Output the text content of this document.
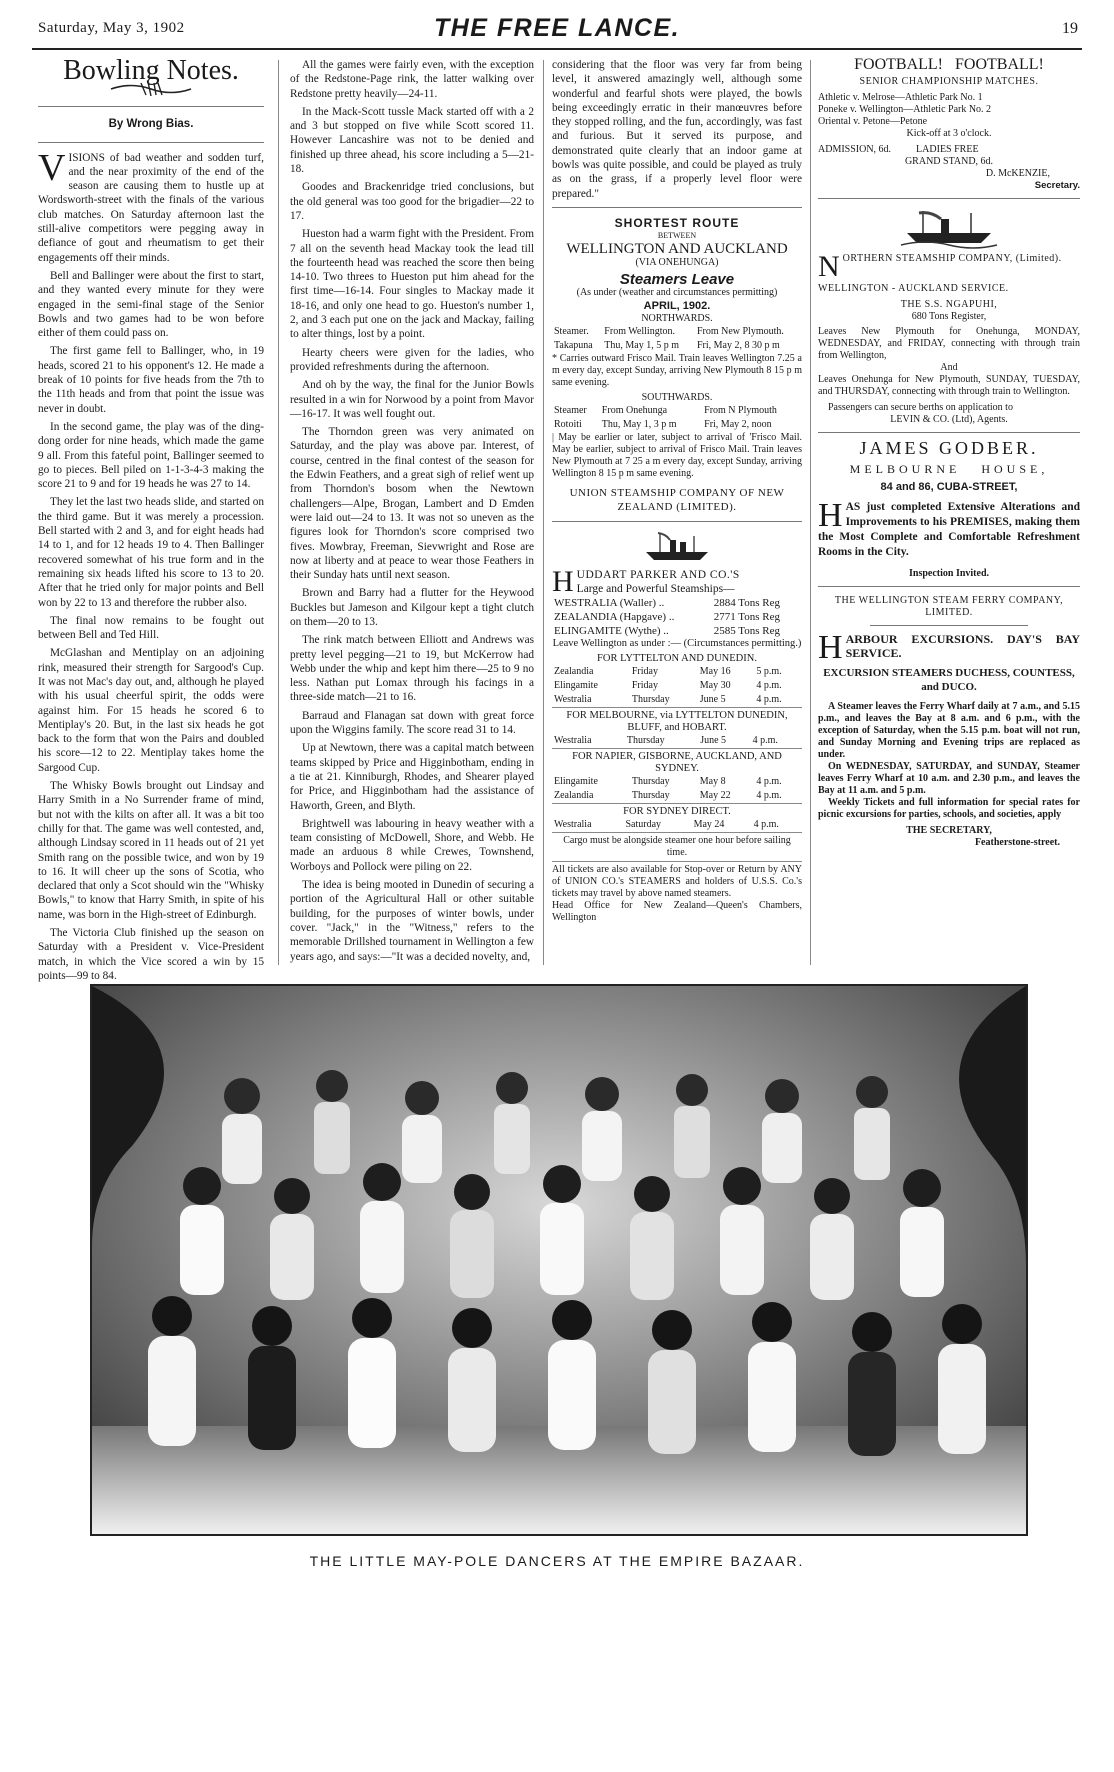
Saturday, May 3, 1902	THE FREE LANCE.	19
Bowling Notes.
By Wrong Bias.

VISIONS of bad weather and sodden turf, and the near proximity of the end of the season are causing them to hustle up at Wordsworth-street with the finals of the various club matches. On Saturday afternoon last the still-alive competitors were pegging away in defiance of gout and rheumatism to get their engagements off their minds.

Bell and Ballinger were about the first to start, and they wanted every minute for they were engaged in the semi-final stage of the Senior Bowls and two games had to be won before either of them could pass on.

The first game fell to Ballinger, who, in 19 heads, scored 21 to his opponent's 12. He made a break of 10 points for five heads from the 7th to the 11th heads and from that point the issue was never in doubt.

In the second game, the play was of the ding-dong order for nine heads, which made the game 9 all. From this fateful point, Ballinger seemed to go to pieces. Bell piled on 1-1-3-4-3 making the score 21 to 9 and for 19 heads he was 27 to 14.

They let the last two heads slide, and started on the third game. But it was merely a procession. Bell started with 2 and 3, and for eight heads had 14 to 1, and for 12 heads 19 to 4. Then Ballinger recovered somewhat of his true form and in the remaining six heads lifted his score to 13 to 20. After that he tried only for major points and Bell won by 22 to 13 and therefore the rubber also.

The final now remains to be fought out between Bell and Ted Hill.

McGlashan and Mentiplay on an adjoining rink, measured their strength for Sargood's Cup. It was not Mac's day out, and, although he played with his usual cheerful spirit, the odds were against him. For 15 heads he scored 6 to Mentiplay's 20. But, in the last six heads he got back to the form that won the Pairs and doubled his score—12 to 22. Mentiplay takes home the Sargood Cup.

The Whisky Bowls brought out Lindsay and Harry Smith in a No Surrender frame of mind, but not with the kilts on after all. It was a bit too chilly for that. The game was well contested, and, although Lindsay scored in 11 heads out of 21 yet Smith rang on the possible twice, and won by 19 to 16. It will cheer up the sons of Scotia, who declared that only a Scot should win the "Whisky Bowls," to know that Harry Smith, in spite of his name, was born in the High-street of Edinburgh.

The Victoria Club finished up the season on Saturday with a President v. Vice-President match, in which the Vice scored a win by 15 points—99 to 84.

All the games were fairly even, with the exception of the Redstone-Page rink, the latter walking over Redstone pretty heavily—24-11.

In the Mack-Scott tussle Mack started off with a 2 and 3 but stopped on five while Scott scored 11. However Lancashire was not to be denied and finished up three ahead, his score including a 5—21-18.

Goodes and Brackenridge tried conclusions, but the old general was too good for the brigadier—22 to 17.

Hueston had a warm fight with the President. From 7 all on the seventh head Mackay took the lead till the fourteenth head was reached the score then being 14-10. Two threes to Hueston put him ahead for the first time—16-14. Four singles to Mackay made it 18-16, and only one head to go. Hueston's number 1, 2, and 3 each put one on the jack and Mackay, failing to alter things, lost by a point.

Hearty cheers were given for the ladies, who provided refreshments during the afternoon.

And oh by the way, the final for the Junior Bowls resulted in a win for Norwood by a point from Mavor—16-17. It was well fought out.

The Thorndon green was very animated on Saturday, and the play was above par. Interest, of course, centred in the final contest of the season for the Edwin Feathers, and a great sigh of relief went up from Thorndon's bosom when the Newtown challengers—Alpe, Brogan, Lambert and D Emden were laid out—24 to 13. It was not so uneven as the figures look for Thorndon's score comprised two fives. Mowbray, Freeman, Sievwright and Rose are now at liberty and at peace to wear those Feathers in their Sunday hats until next season.

Brown and Barry had a flutter for the Heywood Buckles but Jameson and Kilgour kept a tight clutch on them—20 to 13.

The rink match between Elliott and Andrews was pretty level pegging—21 to 19, but McKerrow had Webb under the whip and kept him there—25 to 9 no less. Nathan put Lomax through his facings in a three-side match—21 to 16.

Barraud and Flanagan sat down with great force upon the Wiggins family. The score read 31 to 14.

Up at Newtown, there was a capital match between teams skipped by Price and Higginbotham, ending in a tie at 21. Kinniburgh, Rhodes, and Shearer played for Price, and Higginbotham had the assistance of Haworth, Green, and Blyth.

Brightwell was labouring in heavy weather with a team consisting of McDowell, Shore, and Webb. He made an arduous 8 while Crewes, Townshend, Worboys and Pollock were piling on 22.

The idea is being mooted in Dunedin of securing a portion of the Agricultural Hall or other suitable building, for the purposes of winter bowls, under cover. "Jack," in the "Witness," refers to the memorable Drillshed tournament in Wellington a few years ago, and says:—"It was a decided novelty, and,

considering that the floor was very far from being level, it answered amazingly well, although some wonderful and fearful shots were played, the bowls being exceedingly erratic in their manœuvres before they stopped rolling, and the fun, accordingly, was fast and furious. But it served its purpose, and demonstrated quite clearly that an indoor game at bowls was quite possible, and could be played as truly as on the grass, if a properly level floor were prepared."

SHORTEST ROUTE
BETWEEN
WELLINGTON AND AUCKLAND
(VIA ONEHUNGA)
Steamers Leave
(As under (weather and circumstances permitting)
APRIL, 1902.
NORTHWARDS.
Steamer.	From Wellington.	From New Plymouth.
Takapuna	Thu, May 1, 5 p m	Fri, May 2, 8 30 p m
* Carries outward Frisco Mail. Train leaves Wellington 7.25 a m every day, except Sunday, arriving New Plymouth 8 15 p m same evening.
SOUTHWARDS.
Steamer	From Onehunga	From N Plymouth
Rotoiti	Thu, May 1, 3 p m	Fri, May 2, noon
| May be earlier or later, subject to arrival of 'Frisco Mail. May be earlier, subject to arrival of Frisco Mail. Train leaves New Plymouth at 7 25 a m every day, except Sunday, arriving Wellington 8 15 p m same evening.
UNION STEAMSHIP COMPANY OF NEW ZEALAND (LIMITED).
H UDDART PARKER AND CO.'S
Large and Powerful Steamships—
WESTRALIA (Waller) ..	2884 Tons Reg
ZEALANDIA (Hapgave) ..	2771 Tons Reg
ELINGAMITE (Wythe) ..	2585 Tons Reg
Leave Wellington as under :— (Circumstances permitting.)
FOR LYTTELTON AND DUNEDIN.
Zealandia	Friday	May 16	5 p.m.
Elingamite	Friday	May 30	4 p.m.
Westralia	Thursday	June 5	4 p.m.
FOR MELBOURNE, via LYTTELTON DUNEDIN, BLUFF, and HOBART.
Westralia	Thursday	June 5	4 p.m.
FOR NAPIER, GISBORNE, AUCKLAND, AND SYDNEY.
Elingamite	Thursday	May 8	4 p.m.
Zealandia	Thursday	May 22	4 p.m.
FOR SYDNEY DIRECT.
Westralia	Saturday	May 24	4 p.m.
Cargo must be alongside steamer one hour before sailing time.
All tickets are also available for Stop-over or Return by ANY of UNION CO.'s STEAMERS and holders of U.S.S. Co.'s tickets may travel by above named steamers.
Head Office for New Zealand—Queen's Chambers, Wellington
FOOTBALL!   FOOTBALL!
SENIOR CHAMPIONSHIP MATCHES.
Athletic v. Melrose—Athletic Park No. 1
Poneke v. Wellington—Athletic Park No. 2
Oriental v. Petone—Petone
Kick-off at 3 o'clock.
ADMISSION, 6d.          LADIES FREE
GRAND STAND, 6d.
D. McKENZIE,
Secretary.
N ORTHERN STEAMSHIP COMPANY, (Limited).
WELLINGTON - AUCKLAND SERVICE.
THE S.S. NGAPUHI,
680 Tons Register,
Leaves New Plymouth for Onehunga, MONDAY, WEDNESDAY, and FRIDAY, connecting with through train from Wellington,
And
Leaves Onehunga for New Plymouth, SUNDAY, TUESDAY, and THURSDAY, connecting with through train to Wellington.
Passengers can secure berths on application to
LEVIN & CO. (Ltd), Agents.
JAMES GODBER.
MELBOURNE   HOUSE,
84 and 86, CUBA-STREET,
H AS just completed Extensive Alterations and Improvements to his PREMISES, making them the Most Complete and Comfortable Refreshment Rooms in the City.
Inspection Invited.
THE WELLINGTON STEAM FERRY COMPANY, LIMITED.
H ARBOUR EXCURSIONS. DAY'S BAY SERVICE.
EXCURSION STEAMERS DUCHESS, COUNTESS, and DUCO.
A Steamer leaves the Ferry Wharf daily at 7 a.m., and 5.15 p.m., and leaves the Bay at 8 a.m. and 6 p.m., with the exception of Saturday, when the 5.15 p.m. boat will not run, and Sunday Morning and Evening trips are replaced as under.
On WEDNESDAY, SATURDAY, and SUNDAY, Steamer leaves Ferry Wharf at 10 a.m. and 2.30 p.m., and leaves the Bay at 11 a.m. and 5 p.m.
Weekly Tickets and full information for special rates for picnic excursions for parties, schools, and societies, apply
THE SECRETARY,
Featherstone-street.
THE LITTLE MAY-POLE DANCERS AT THE EMPIRE BAZAAR.
